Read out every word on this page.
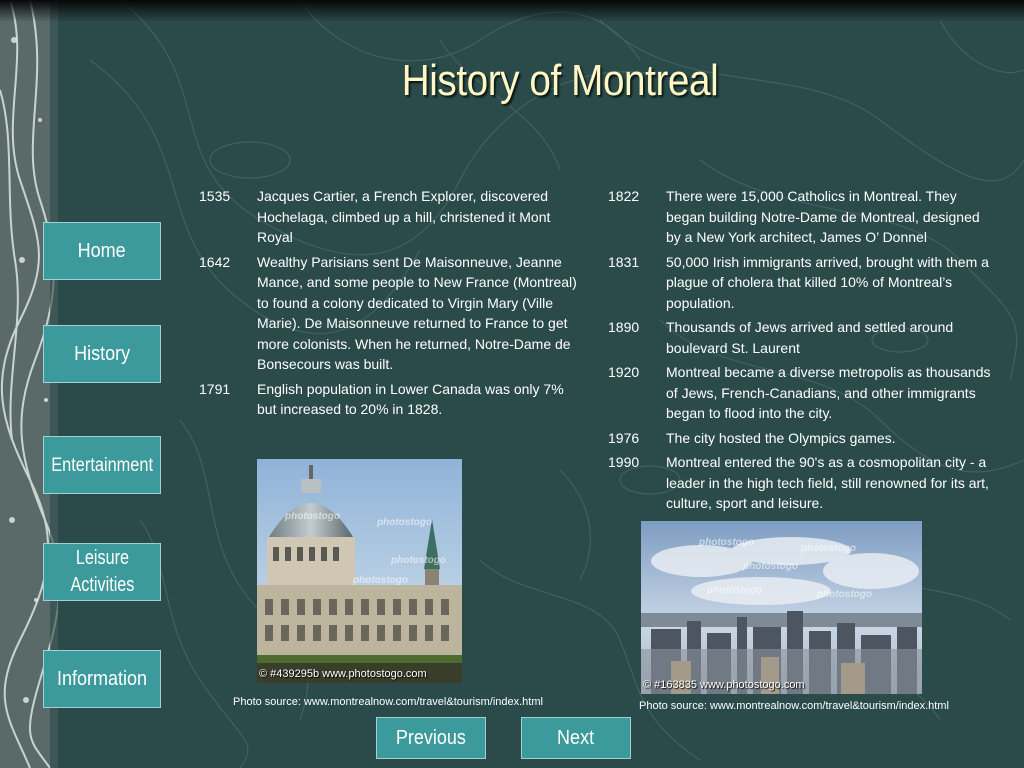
History of Montreal
Home
History
Entertainment
Leisure
Activities
Information
1535	Jacques Cartier, a French Explorer, discovered Hochelaga, climbed up a hill, christened it Mont Royal
1642	Wealthy Parisians sent De Maisonneuve, Jeanne Mance, and some people to New France (Montreal) to found a colony dedicated to Virgin Mary (Ville Marie). De Maisonneuve returned to France to get more colonists. When he returned, Notre-Dame de Bonsecours was built.
1791	English population in Lower Canada was only 7% but increased to 20% in 1828.
1822	There were 15,000 Catholics in Montreal. They began building Notre-Dame de Montreal, designed by a New York architect, James O’ Donnel
1831	50,000 Irish immigrants arrived, brought with them a plague of cholera that killed 10% of Montreal’s population.
1890	Thousands of Jews arrived and settled around boulevard St. Laurent
1920	Montreal became a diverse metropolis as thousands of Jews, French-Canadians, and other immigrants began to flood into the city.
1976	The city hosted the Olympics games.
1990	Montreal entered the 90's as a cosmopolitan city - a leader in the high tech field, still renowned for its art, culture, sport and leisure.
photostogo
photostogo
photostogo
photostogo
© #439295b www.photostogo.com
Photo source: www.montrealnow.com/travel&tourism/index.html
photostogo
photostogo
photostogo
photostogo	photostogo
© #163835 www.photostogo.com
Photo source: www.montrealnow.com/travel&tourism/index.html
Previous	Next
